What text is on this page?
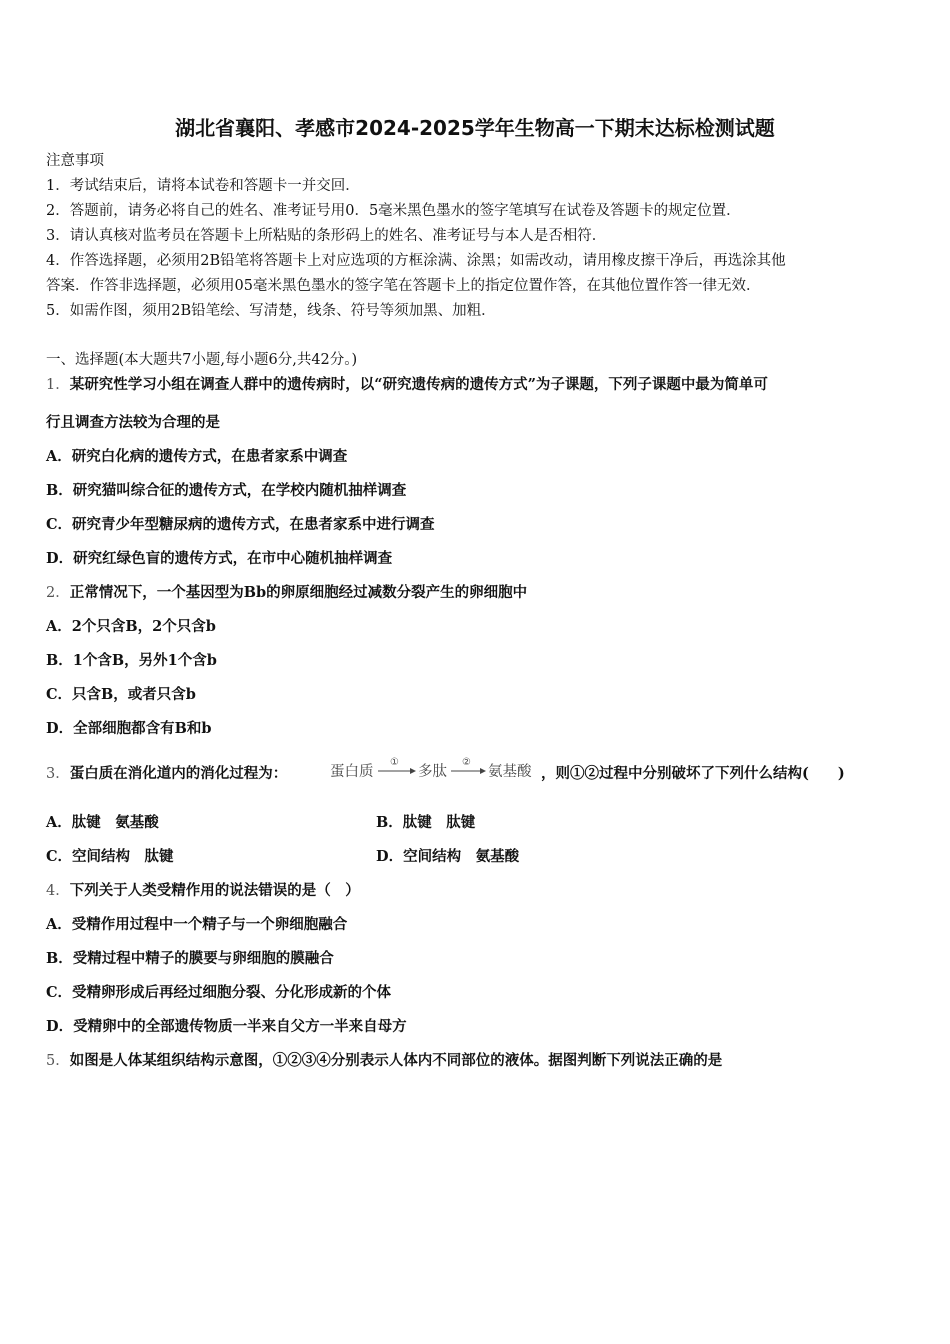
湖北省襄阳、孝感市2024-2025学年生物高一下期末达标检测试题
注意事项
1．考试结束后，请将本试卷和答题卡一并交回．
2．答题前，请务必将自己的姓名、准考证号用0．5毫米黑色墨水的签字笔填写在试卷及答题卡的规定位置．
3．请认真核对监考员在答题卡上所粘贴的条形码上的姓名、准考证号与本人是否相符．
4．作答选择题，必须用2B铅笔将答题卡上对应选项的方框涂满、涂黑；如需改动，请用橡皮擦干净后，再选涂其他
答案．作答非选择题，必须用05毫米黑色墨水的签字笔在答题卡上的指定位置作答，在其他位置作答一律无效．
5．如需作图，须用2B铅笔绘、写清楚，线条、符号等须加黑、加粗．
一、选择题(本大题共7小题,每小题6分,共42分。)
1．某研究性学习小组在调查人群中的遗传病时，以“研究遗传病的遗传方式”为子课题，下列子课题中最为简单可
行且调查方法较为合理的是
A．研究白化病的遗传方式，在患者家系中调查
B．研究猫叫综合征的遗传方式，在学校内随机抽样调查
C．研究青少年型糖尿病的遗传方式，在患者家系中进行调查
D．研究红绿色盲的遗传方式，在市中心随机抽样调查
2．正常情况下，一个基因型为Bb的卵原细胞经过减数分裂产生的卵细胞中
A．2个只含B，2个只含b
B．1个含B，另外1个含b
C．只含B，或者只含b
D．全部细胞都含有B和b
3．蛋白质在消化道内的消化过程为：	蛋白质
①
多肽
②
氨基酸 ，则①②过程中分别破坏了下列什么结构(　　)
A．肽键　氨基酸	B．肽键　肽键
C．空间结构　肽键	D．空间结构　氨基酸
4．下列关于人类受精作用的说法错误的是（　）
A．受精作用过程中一个精子与一个卵细胞融合
B．受精过程中精子的膜要与卵细胞的膜融合
C．受精卵形成后再经过细胞分裂、分化形成新的个体
D．受精卵中的全部遗传物质一半来自父方一半来自母方
5．如图是人体某组织结构示意图，①②③④分别表示人体内不同部位的液体。据图判断下列说法正确的是
